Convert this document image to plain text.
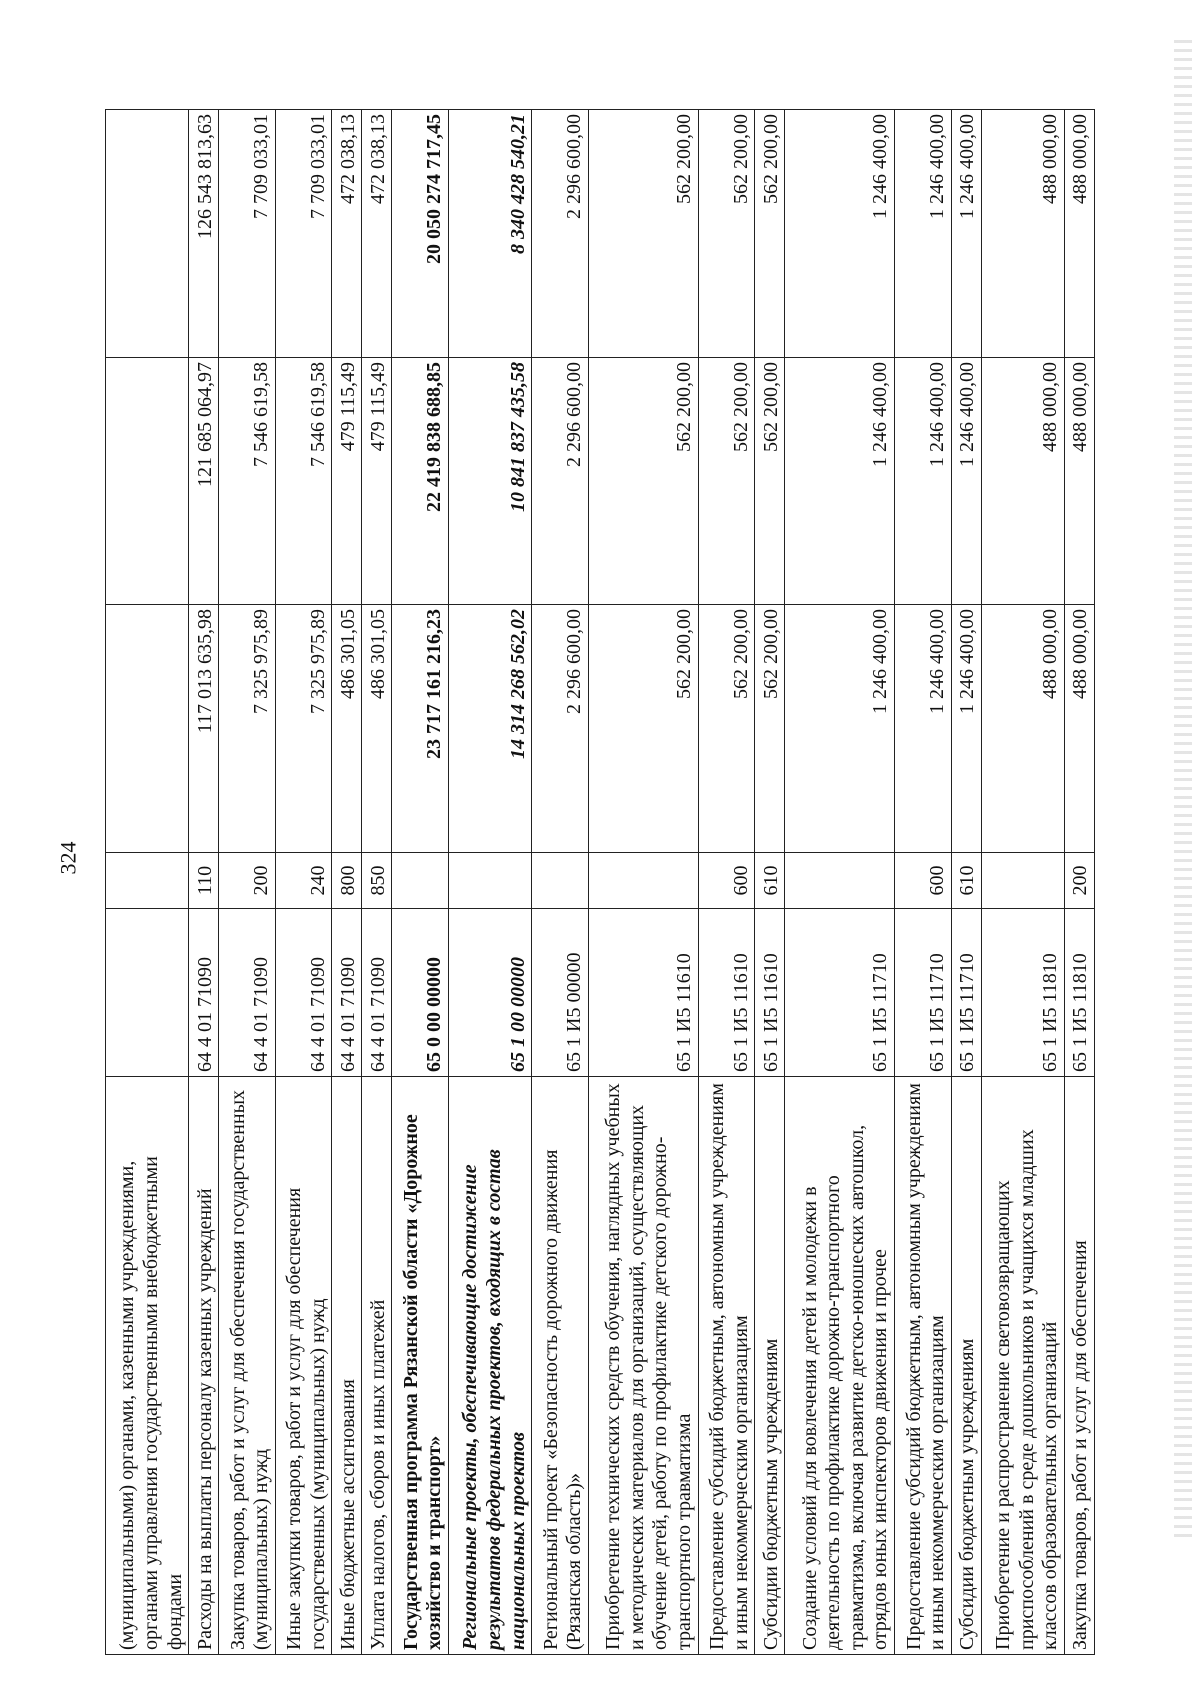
324
(муниципальными) органами, казенными учреждениями, органами управления государственными внебюджетными фондами					
Расходы на выплаты персоналу казенных учреждений	64 4 01 71090	110	117 013 635,98	121 685 064,97	126 543 813,63
Закупка товаров, работ и услуг для обеспечения государственных (муниципальных) нужд	64 4 01 71090	200	7 325 975,89	7 546 619,58	7 709 033,01
Иные закупки товаров, работ и услуг для обеспечения государственных (муниципальных) нужд	64 4 01 71090	240	7 325 975,89	7 546 619,58	7 709 033,01
Иные бюджетные ассигнования	64 4 01 71090	800	486 301,05	479 115,49	472 038,13
Уплата налогов, сборов и иных платежей	64 4 01 71090	850	486 301,05	479 115,49	472 038,13
Государственная программа Рязанской области «Дорожное хозяйство и транспорт»	65 0 00 00000		23 717 161 216,23	22 419 838 688,85	20 050 274 717,45
Региональные проекты, обеспечивающие достижение результатов федеральных проектов, входящих в состав национальных проектов	65 1 00 00000		14 314 268 562,02	10 841 837 435,58	8 340 428 540,21
Региональный проект «Безопасность дорожного движения (Рязанская область)»	65 1 И5 00000		2 296 600,00	2 296 600,00	2 296 600,00
Приобретение технических средств обучения, наглядных учебных и методических материалов для организаций, осуществляющих обучение детей, работу по профилактике детского дорожно-транспортного травматизма	65 1 И5 11610		562 200,00	562 200,00	562 200,00
Предоставление субсидий бюджетным, автономным учреждениям и иным некоммерческим организациям	65 1 И5 11610	600	562 200,00	562 200,00	562 200,00
Субсидии бюджетным учреждениям	65 1 И5 11610	610	562 200,00	562 200,00	562 200,00
Создание условий для вовлечения детей и молодежи в деятельность по профилактике дорожно-транспортного травматизма, включая развитие детско-юношеских автошкол, отрядов юных инспекторов движения и прочее	65 1 И5 11710		1 246 400,00	1 246 400,00	1 246 400,00
Предоставление субсидий бюджетным, автономным учреждениям и иным некоммерческим организациям	65 1 И5 11710	600	1 246 400,00	1 246 400,00	1 246 400,00
Субсидии бюджетным учреждениям	65 1 И5 11710	610	1 246 400,00	1 246 400,00	1 246 400,00
Приобретение и распространение световозвращающих приспособлений в среде дошкольников и учащихся младших классов образовательных организаций	65 1 И5 11810		488 000,00	488 000,00	488 000,00
Закупка товаров, работ и услуг для обеспечения	65 1 И5 11810	200	488 000,00	488 000,00	488 000,00
